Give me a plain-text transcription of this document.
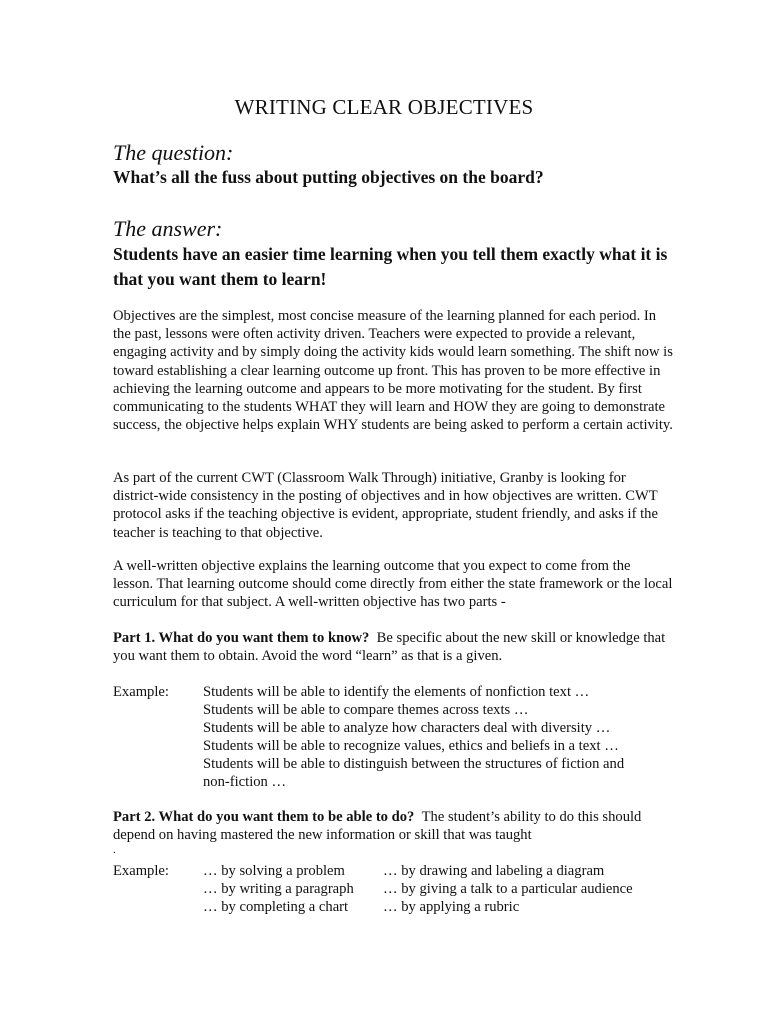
WRITING CLEAR OBJECTIVES
The question:
What’s all the fuss about putting objectives on the board?
The answer:
Students have an easier time learning when you tell them exactly what it is that you want them to learn!
Objectives are the simplest, most concise measure of the learning planned for each period. In the past, lessons were often activity driven. Teachers were expected to provide a relevant, engaging activity and by simply doing the activity kids would learn something. The shift now is toward establishing a clear learning outcome up front. This has proven to be more effective in achieving the learning outcome and appears to be more motivating for the student. By first communicating to the students WHAT they will learn and HOW they are going to demonstrate success, the objective helps explain WHY students are being asked to perform a certain activity.
As part of the current CWT (Classroom Walk Through) initiative, Granby is looking for district-wide consistency in the posting of objectives and in how objectives are written. CWT protocol asks if the teaching objective is evident, appropriate, student friendly, and asks if the teacher is teaching to that objective.
A well-written objective explains the learning outcome that you expect to come from the lesson. That learning outcome should come directly from either the state framework or the local curriculum for that subject. A well-written objective has two parts -
Part 1. What do you want them to know? Be specific about the new skill or knowledge that you want them to obtain. Avoid the word “learn” as that is a given.
Example: Students will be able to identify the elements of nonfiction text …
Students will be able to compare themes across texts …
Students will be able to analyze how characters deal with diversity …
Students will be able to recognize values, ethics and beliefs in a text …
Students will be able to distinguish between the structures of fiction and
non-fiction …
Part 2. What do you want them to be able to do? The student’s ability to do this should depend on having mastered the new information or skill that was taught
.
Example: … by solving a problem
… by writing a paragraph
… by completing a chart
… by drawing and labeling a diagram
… by giving a talk to a particular audience
… by applying a rubric
